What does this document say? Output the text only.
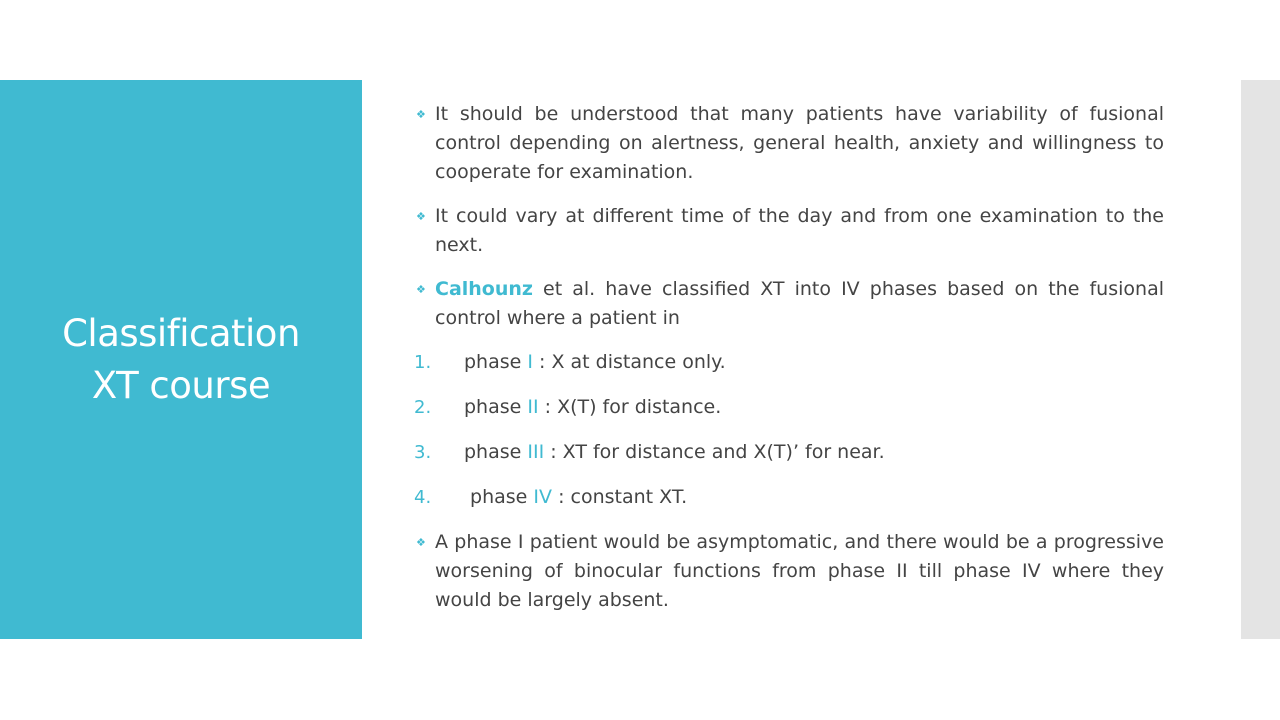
Classification
XT course
❖ It should be understood that many patients have variability of fusional control depending on alertness, general health, anxiety and willingness to cooperate for examination.
❖ It could vary at different time of the day and from one examination to the next.
❖ Calhounz et al. have classified XT into IV phases based on the fusional control where a patient in
1. phase I : X at distance only.
2. phase II : X(T) for distance.
3. phase III : XT for distance and X(T)’ for near.
4. phase IV : constant XT.
❖ A phase I patient would be asymptomatic, and there would be a progressive worsening of binocular functions from phase II till phase IV where they would be largely absent.
